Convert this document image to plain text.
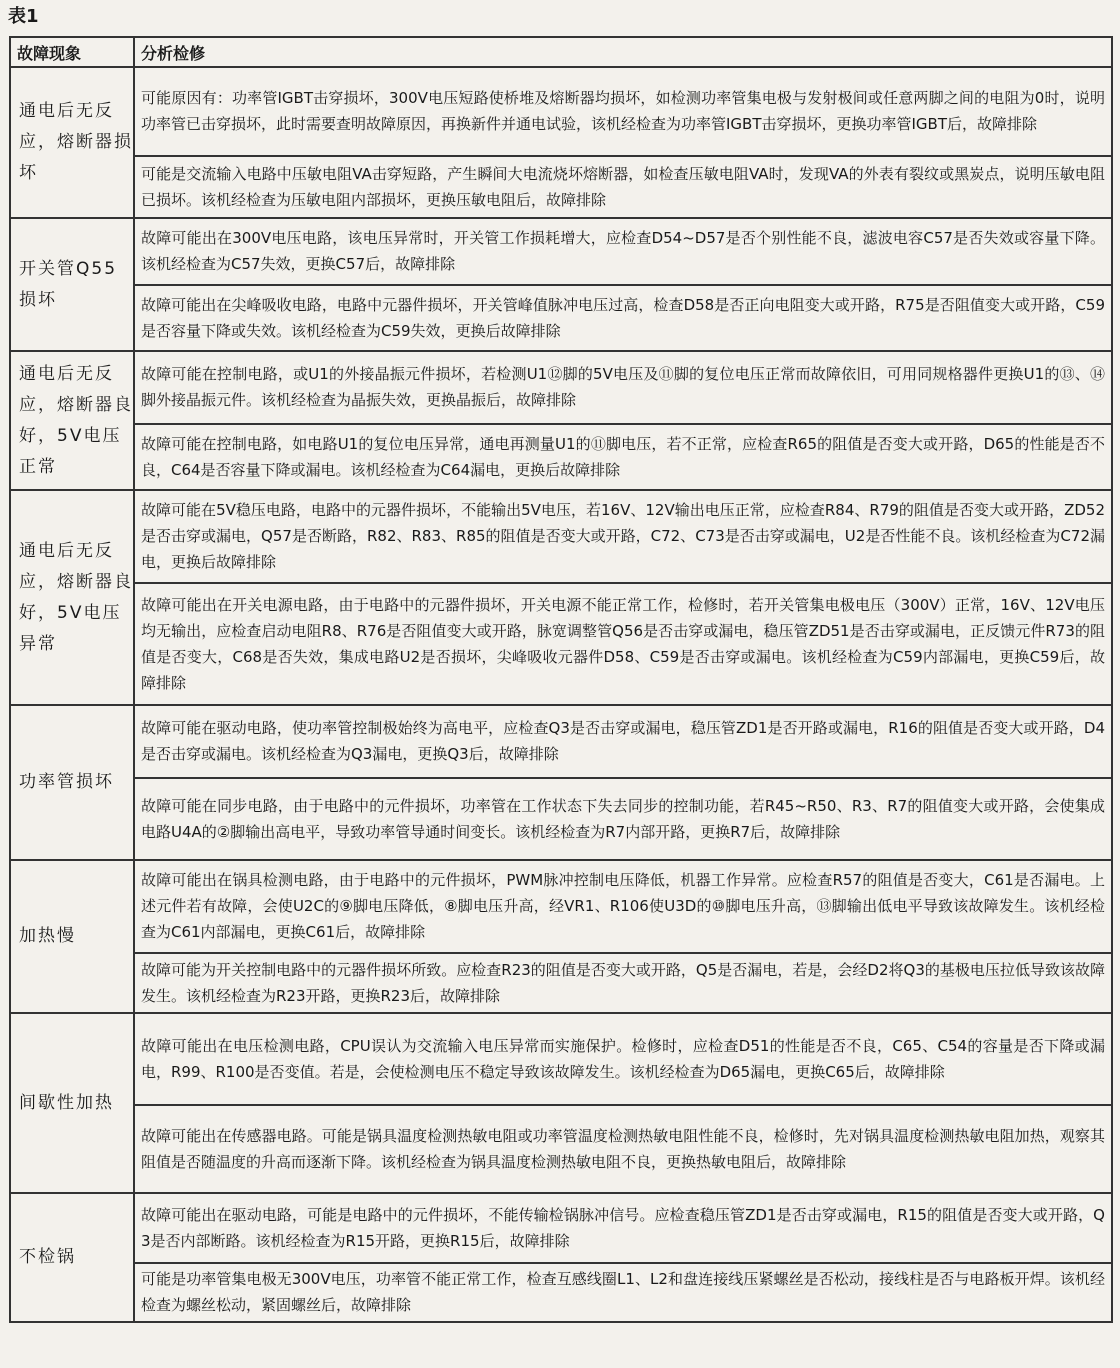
表1
故障现象	分析检修
通电后无反应，熔断器损坏	可能原因有：功率管IGBT击穿损坏，300V电压短路使桥堆及熔断器均损坏，如检测功率管集电极与发射极间或任意两脚之间的电阻为0时，说明功率管已击穿损坏，此时需要查明故障原因，再换新件并通电试验，该机经检查为功率管IGBT击穿损坏，更换功率管IGBT后，故障排除
	可能是交流输入电路中压敏电阻VA击穿短路，产生瞬间大电流烧坏熔断器，如检查压敏电阻VA时，发现VA的外表有裂纹或黑炭点，说明压敏电阻已损坏。该机经检查为压敏电阻内部损坏，更换压敏电阻后，故障排除
开关管Q55损坏	故障可能出在300V电压电路，该电压异常时，开关管工作损耗增大，应检查D54~D57是否个别性能不良，滤波电容C57是否失效或容量下降。该机经检查为C57失效，更换C57后，故障排除
	故障可能出在尖峰吸收电路，电路中元器件损坏，开关管峰值脉冲电压过高，检查D58是否正向电阻变大或开路，R75是否阻值变大或开路，C59是否容量下降或失效。该机经检查为C59失效，更换后故障排除
通电后无反应，熔断器良好，5V电压正常	故障可能在控制电路，或U1的外接晶振元件损坏，若检测U1⑫脚的5V电压及⑪脚的复位电压正常而故障依旧，可用同规格器件更换U1的⑬、⑭脚外接晶振元件。该机经检查为晶振失效，更换晶振后，故障排除
	故障可能在控制电路，如电路U1的复位电压异常，通电再测量U1的⑪脚电压，若不正常，应检查R65的阻值是否变大或开路，D65的性能是否不良，C64是否容量下降或漏电。该机经检查为C64漏电，更换后故障排除
通电后无反应，熔断器良好，5V电压异常	故障可能在5V稳压电路，电路中的元器件损坏，不能输出5V电压，若16V、12V输出电压正常，应检查R84、R79的阻值是否变大或开路，ZD52是否击穿或漏电，Q57是否断路，R82、R83、R85的阻值是否变大或开路，C72、C73是否击穿或漏电，U2是否性能不良。该机经检查为C72漏电，更换后故障排除
	故障可能出在开关电源电路，由于电路中的元器件损坏，开关电源不能正常工作，检修时，若开关管集电极电压（300V）正常，16V、12V电压均无输出，应检查启动电阻R8、R76是否阻值变大或开路，脉宽调整管Q56是否击穿或漏电，稳压管ZD51是否击穿或漏电，正反馈元件R73的阻值是否变大，C68是否失效，集成电路U2是否损坏，尖峰吸收元器件D58、C59是否击穿或漏电。该机经检查为C59内部漏电，更换C59后，故障排除
功率管损坏	故障可能在驱动电路，使功率管控制极始终为高电平，应检查Q3是否击穿或漏电，稳压管ZD1是否开路或漏电，R16的阻值是否变大或开路，D4是否击穿或漏电。该机经检查为Q3漏电，更换Q3后，故障排除
	故障可能在同步电路，由于电路中的元件损坏，功率管在工作状态下失去同步的控制功能，若R45~R50、R3、R7的阻值变大或开路，会使集成电路U4A的②脚输出高电平，导致功率管导通时间变长。该机经检查为R7内部开路，更换R7后，故障排除
加热慢	故障可能出在锅具检测电路，由于电路中的元件损坏，PWM脉冲控制电压降低，机器工作异常。应检查R57的阻值是否变大，C61是否漏电。上述元件若有故障，会使U2C的⑨脚电压降低，⑧脚电压升高，经VR1、R106使U3D的⑩脚电压升高，⑬脚输出低电平导致该故障发生。该机经检查为C61内部漏电，更换C61后，故障排除
	故障可能为开关控制电路中的元器件损坏所致。应检查R23的阻值是否变大或开路，Q5是否漏电，若是，会经D2将Q3的基极电压拉低导致该故障发生。该机经检查为R23开路，更换R23后，故障排除
间歇性加热	故障可能出在电压检测电路，CPU误认为交流输入电压异常而实施保护。检修时，应检查D51的性能是否不良，C65、C54的容量是否下降或漏电，R99、R100是否变值。若是，会使检测电压不稳定导致该故障发生。该机经检查为D65漏电，更换C65后，故障排除
	故障可能出在传感器电路。可能是锅具温度检测热敏电阻或功率管温度检测热敏电阻性能不良，检修时，先对锅具温度检测热敏电阻加热，观察其阻值是否随温度的升高而逐渐下降。该机经检查为锅具温度检测热敏电阻不良，更换热敏电阻后，故障排除
不检锅	故障可能出在驱动电路，可能是电路中的元件损坏，不能传输检锅脉冲信号。应检查稳压管ZD1是否击穿或漏电，R15的阻值是否变大或开路，Q3是否内部断路。该机经检查为R15开路，更换R15后，故障排除
	可能是功率管集电极无300V电压，功率管不能正常工作，检查互感线圈L1、L2和盘连接线压紧螺丝是否松动，接线柱是否与电路板开焊。该机经检查为螺丝松动，紧固螺丝后，故障排除
